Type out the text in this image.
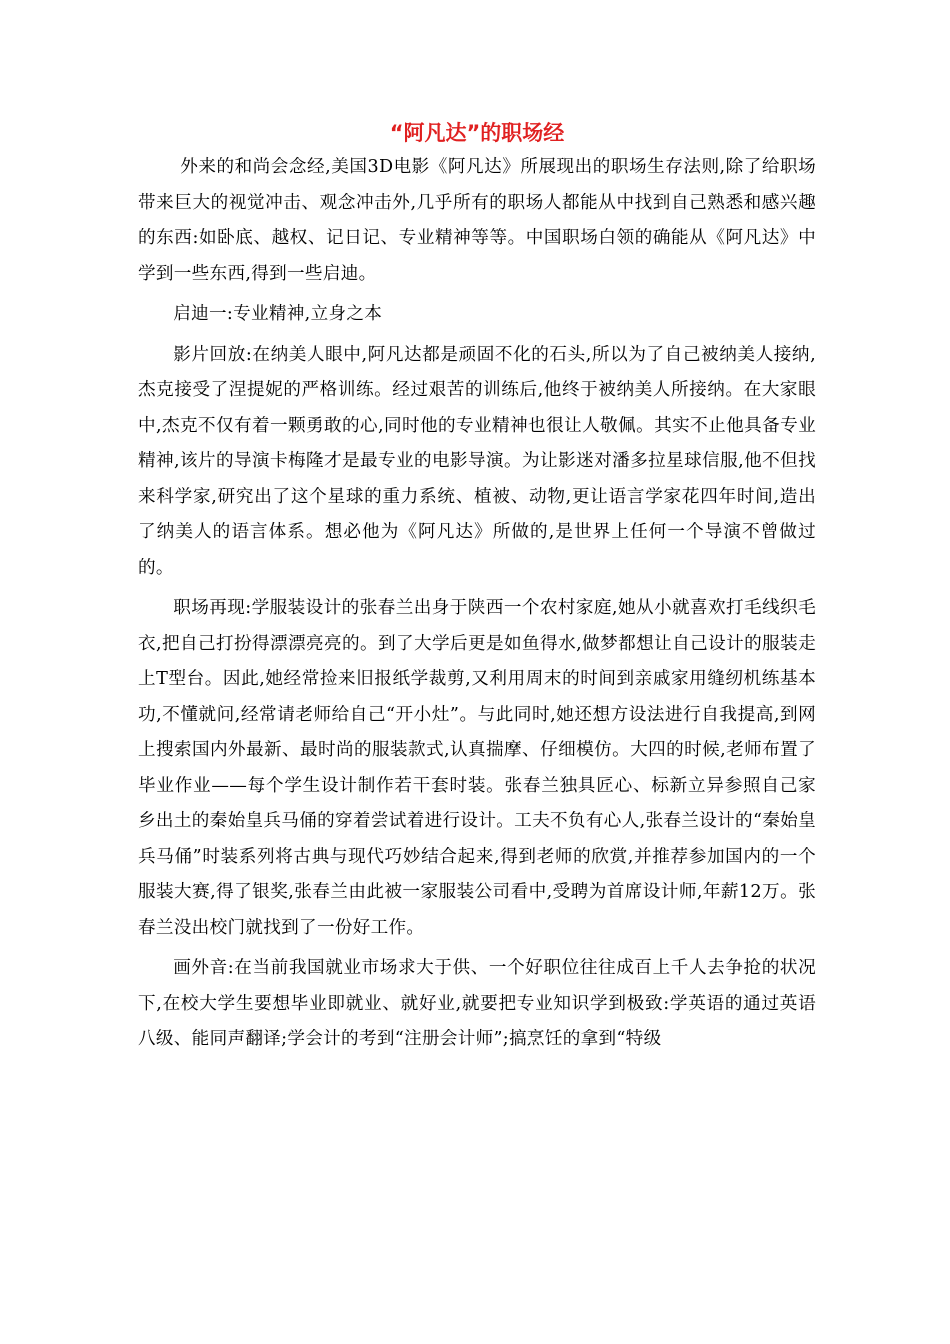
“阿凡达”的职场经

外来的和尚会念经,美国3D电影《阿凡达》所展现出的职场生存法则,除了给职场带来巨大的视觉冲击、观念冲击外,几乎所有的职场人都能从中找到自己熟悉和感兴趣的东西:如卧底、越权、记日记、专业精神等等。中国职场白领的确能从《阿凡达》中学到一些东西,得到一些启迪。

启迪一:专业精神,立身之本

影片回放:在纳美人眼中,阿凡达都是顽固不化的石头,所以为了自己被纳美人接纳,杰克接受了涅提妮的严格训练。经过艰苦的训练后,他终于被纳美人所接纳。在大家眼中,杰克不仅有着一颗勇敢的心,同时他的专业精神也很让人敬佩。其实不止他具备专业精神,该片的导演卡梅隆才是最专业的电影导演。为让影迷对潘多拉星球信服,他不但找来科学家,研究出了这个星球的重力系统、植被、动物,更让语言学家花四年时间,造出了纳美人的语言体系。想必他为《阿凡达》所做的,是世界上任何一个导演不曾做过的。

职场再现:学服装设计的张春兰出身于陕西一个农村家庭,她从小就喜欢打毛线织毛衣,把自己打扮得漂漂亮亮的。到了大学后更是如鱼得水,做梦都想让自己设计的服装走上T型台。因此,她经常捡来旧报纸学裁剪,又利用周末的时间到亲戚家用缝纫机练基本功,不懂就问,经常请老师给自己“开小灶”。与此同时,她还想方设法进行自我提高,到网上搜索国内外最新、最时尚的服装款式,认真揣摩、仔细模仿。大四的时候,老师布置了毕业作业——每个学生设计制作若干套时装。张春兰独具匠心、标新立异参照自己家乡出土的秦始皇兵马俑的穿着尝试着进行设计。工夫不负有心人,张春兰设计的“秦始皇兵马俑”时装系列将古典与现代巧妙结合起来,得到老师的欣赏,并推荐参加国内的一个服装大赛,得了银奖,张春兰由此被一家服装公司看中,受聘为首席设计师,年薪12万。张春兰没出校门就找到了一份好工作。

画外音:在当前我国就业市场求大于供、一个好职位往往成百上千人去争抢的状况下,在校大学生要想毕业即就业、就好业,就要把专业知识学到极致:学英语的通过英语八级、能同声翻译;学会计的考到“注册会计师”;搞烹饪的拿到“特级
